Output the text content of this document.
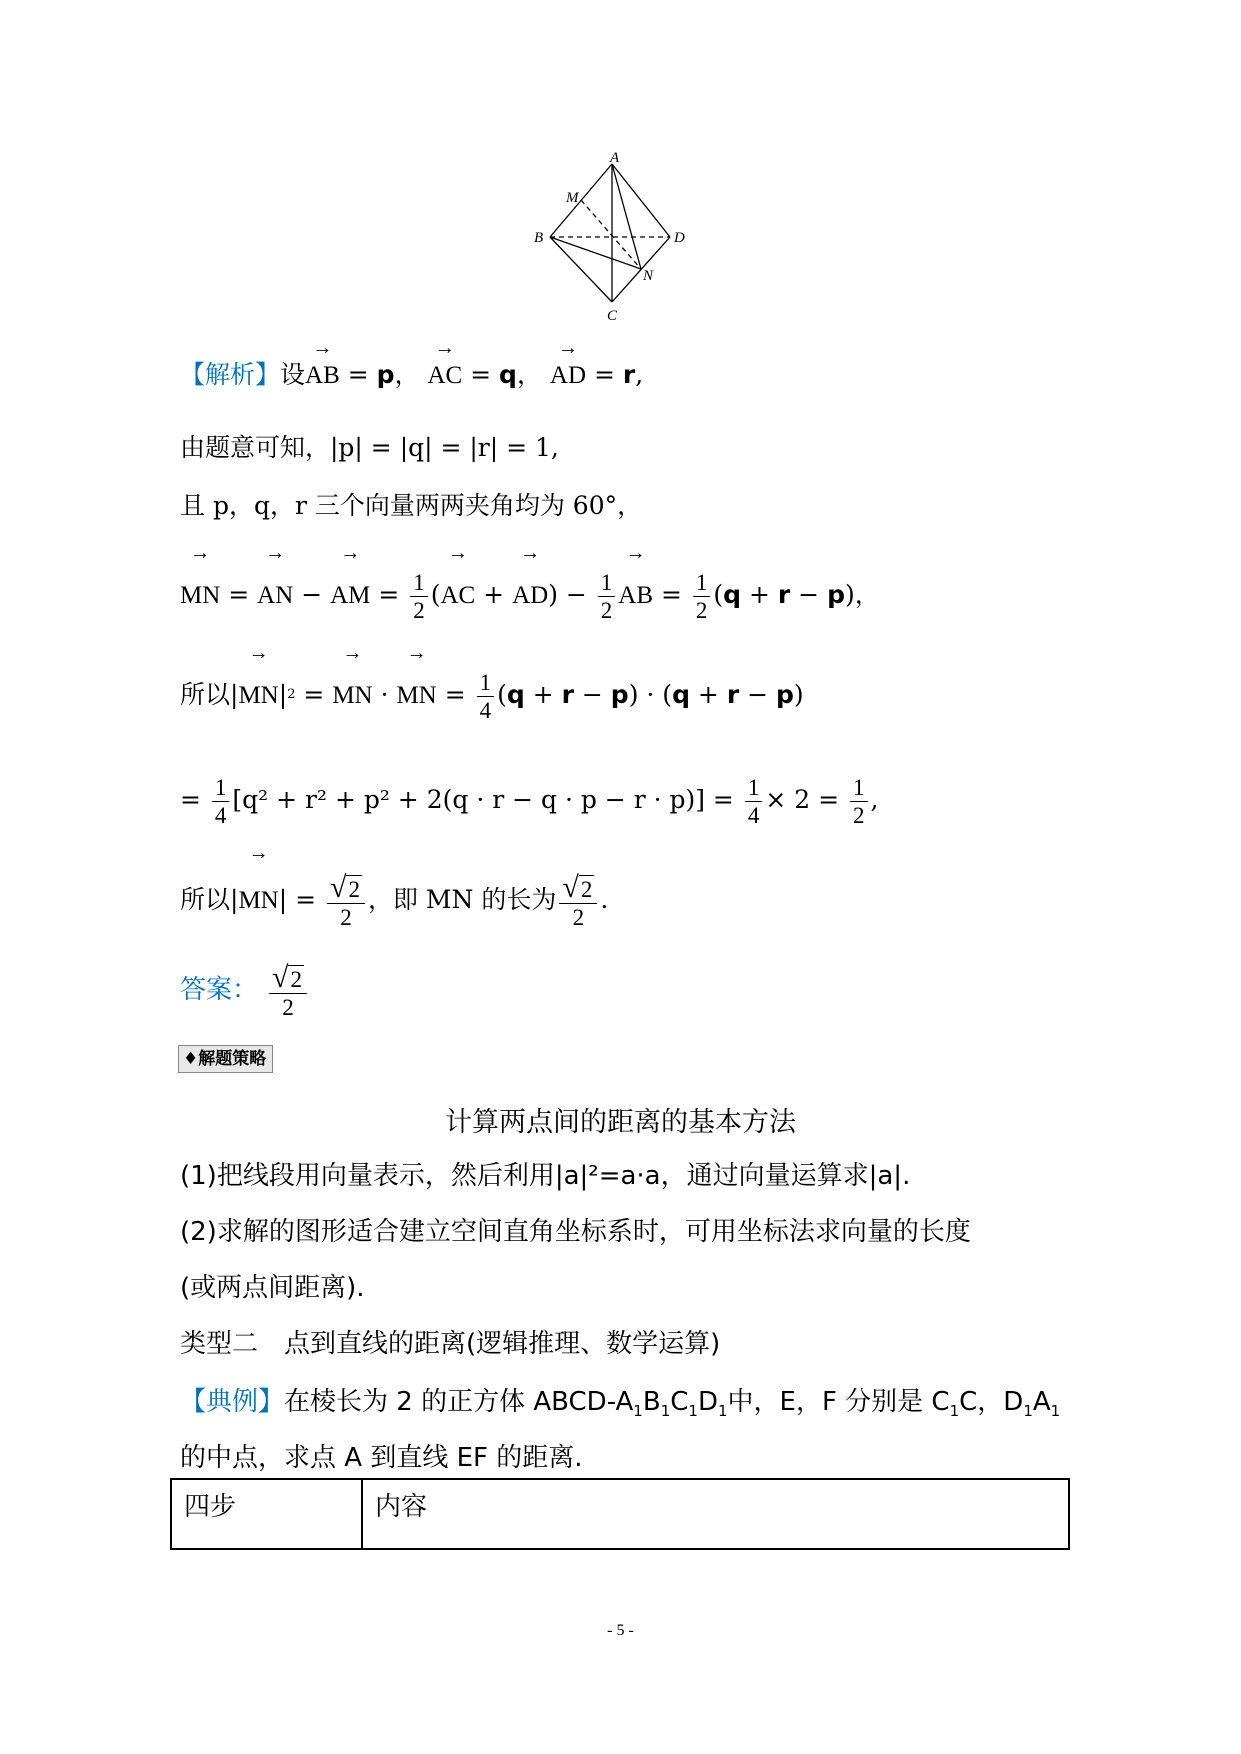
A
M
B	D
N
C
【解析】设→ AB = p， → AC = q， → AD = r,
由题意可知，|p| = |q| = |r| = 1,
且 p，q，r 三个向量两两夹角均为 60°，
→ MN = → AN − → AM = $\frac{1}{2}$ (→ AC + → $AD) - \frac{1}{2}$
→ AB = $\frac{1}{2} (q + r - p)$，
所以|→ $MN|^2$ = → MN · → MN = $\frac{1}{4} (q + r - p) \cdot (q + r - p)$
= $\frac{1}{4} [q^2 + r^2 + p^2 + 2(q \cdot r - q \cdot p - r \cdot p)] = \frac{1}{4} \times 2 = \frac{1}{2}$ ,
所以|→ $MN| = \frac{√ 2}{2}$ ，即 MN 的长为 $\frac{√ 2}{2}$ .
答案： $\frac{√ 2}{2}$
♦解题策略
计算两点间的距离的基本方法
(1)把线段用向量表示，然后利用|a|²=a·a，通过向量运算求|a|.
(2)求解的图形适合建立空间直角坐标系时，可用坐标法求向量的长度
(或两点间距离).
类型二　点到直线的距离(逻辑推理、数学运算)
【典例】在棱长为 2 的正方体 ABCD-$A_1B_1C_1D_1$中，E，F 分别是 $C_1C$，$D_1A_1$
的中点，求点 A 到直线 EF 的距离.
四步	内容
- 5 -
